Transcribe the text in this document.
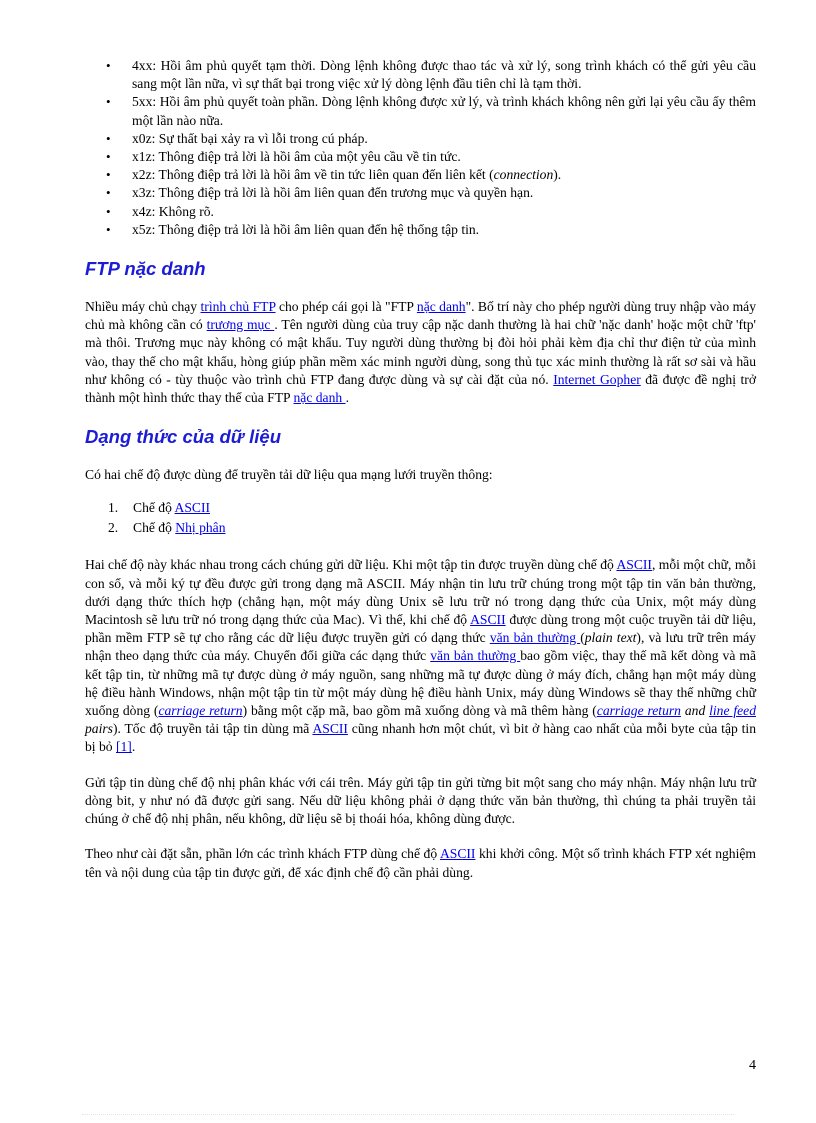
• 4xx: Hồi âm phủ quyết tạm thời. Dòng lệnh không được thao tác và xử lý, song trình khách có thể gửi yêu cầu sang một lần nữa, vì sự thất bại trong việc xử lý dòng lệnh đầu tiên chỉ là tạm thời.
• 5xx: Hồi âm phủ quyết toàn phần. Dòng lệnh không được xử lý, và trình khách không nên gửi lại yêu cầu ấy thêm một lần nào nữa.
• x0z: Sự thất bại xảy ra vì lỗi trong cú pháp.
• x1z: Thông điệp trả lời là hồi âm của một yêu cầu về tin tức.
• x2z: Thông điệp trả lời là hồi âm về tin tức liên quan đến liên kết (connection).
• x3z: Thông điệp trả lời là hồi âm liên quan đến trương mục và quyền hạn.
• x4z: Không rõ.
• x5z: Thông điệp trả lời là hồi âm liên quan đến hệ thống tập tin.
FTP nặc danh

Nhiều máy chủ chạy trình chủ FTP cho phép cái gọi là "FTP nặc danh". Bố trí này cho phép người dùng truy nhập vào máy chủ mà không cần có trương mục . Tên người dùng của truy cập nặc danh thường là hai chữ 'nặc danh' hoặc một chữ 'ftp' mà thôi. Trương mục này không có mật khẩu. Tuy người dùng thường bị đòi hỏi phải kèm địa chỉ thư điện tử của mình vào, thay thế cho mật khẩu, hòng giúp phần mềm xác minh người dùng, song thủ tục xác minh thường là rất sơ sài và hầu như không có - tùy thuộc vào trình chủ FTP đang được dùng và sự cài đặt của nó. Internet Gopher đã được đề nghị trở thành một hình thức thay thế của FTP nặc danh .

Dạng thức của dữ liệu

Có hai chế độ được dùng để truyền tải dữ liệu qua mạng lưới truyền thông:

1. Chế độ ASCII
2. Chế độ Nhị phân

Hai chế độ này khác nhau trong cách chúng gửi dữ liệu. Khi một tập tin được truyền dùng chế độ ASCII, mỗi một chữ, mỗi con số, và mỗi ký tự đều được gửi trong dạng mã ASCII. Máy nhận tin lưu trữ chúng trong một tập tin văn bản thường, dưới dạng thức thích hợp (chẳng hạn, một máy dùng Unix sẽ lưu trữ nó trong dạng thức của Unix, một máy dùng Macintosh sẽ lưu trữ nó trong dạng thức của Mac). Vì thế, khi chế độ ASCII được dùng trong một cuộc truyền tải dữ liệu, phần mềm FTP sẽ tự cho rằng các dữ liệu được truyền gửi có dạng thức văn bản thường (plain text), và lưu trữ trên máy nhận theo dạng thức của máy. Chuyển đổi giữa các dạng thức văn bản thường bao gồm việc, thay thế mã kết dòng và mã kết tập tin, từ những mã tự được dùng ở máy nguồn, sang những mã tự được dùng ở máy đích, chẳng hạn một máy dùng hệ điều hành Windows, nhận một tập tin từ một máy dùng hệ điều hành Unix, máy dùng Windows sẽ thay thế những chữ xuống dòng (carriage return) bằng một cặp mã, bao gồm mã xuống dòng và mã thêm hàng (carriage return and line feed pairs). Tốc độ truyền tải tập tin dùng mã ASCII cũng nhanh hơn một chút, vì bit ở hàng cao nhất của mỗi byte của tập tin bị bỏ [1].

Gửi tập tin dùng chế độ nhị phân khác với cái trên. Máy gửi tập tin gửi từng bit một sang cho máy nhận. Máy nhận lưu trữ dòng bit, y như nó đã được gửi sang. Nếu dữ liệu không phải ở dạng thức văn bản thường, thì chúng ta phải truyền tải chúng ở chế độ nhị phân, nếu không, dữ liệu sẽ bị thoái hóa, không dùng được.

Theo như cài đặt sẵn, phần lớn các trình khách FTP dùng chế độ ASCII khi khởi công. Một số trình khách FTP xét nghiệm tên và nội dung của tập tin được gửi, để xác định chế độ cần phải dùng.

4
